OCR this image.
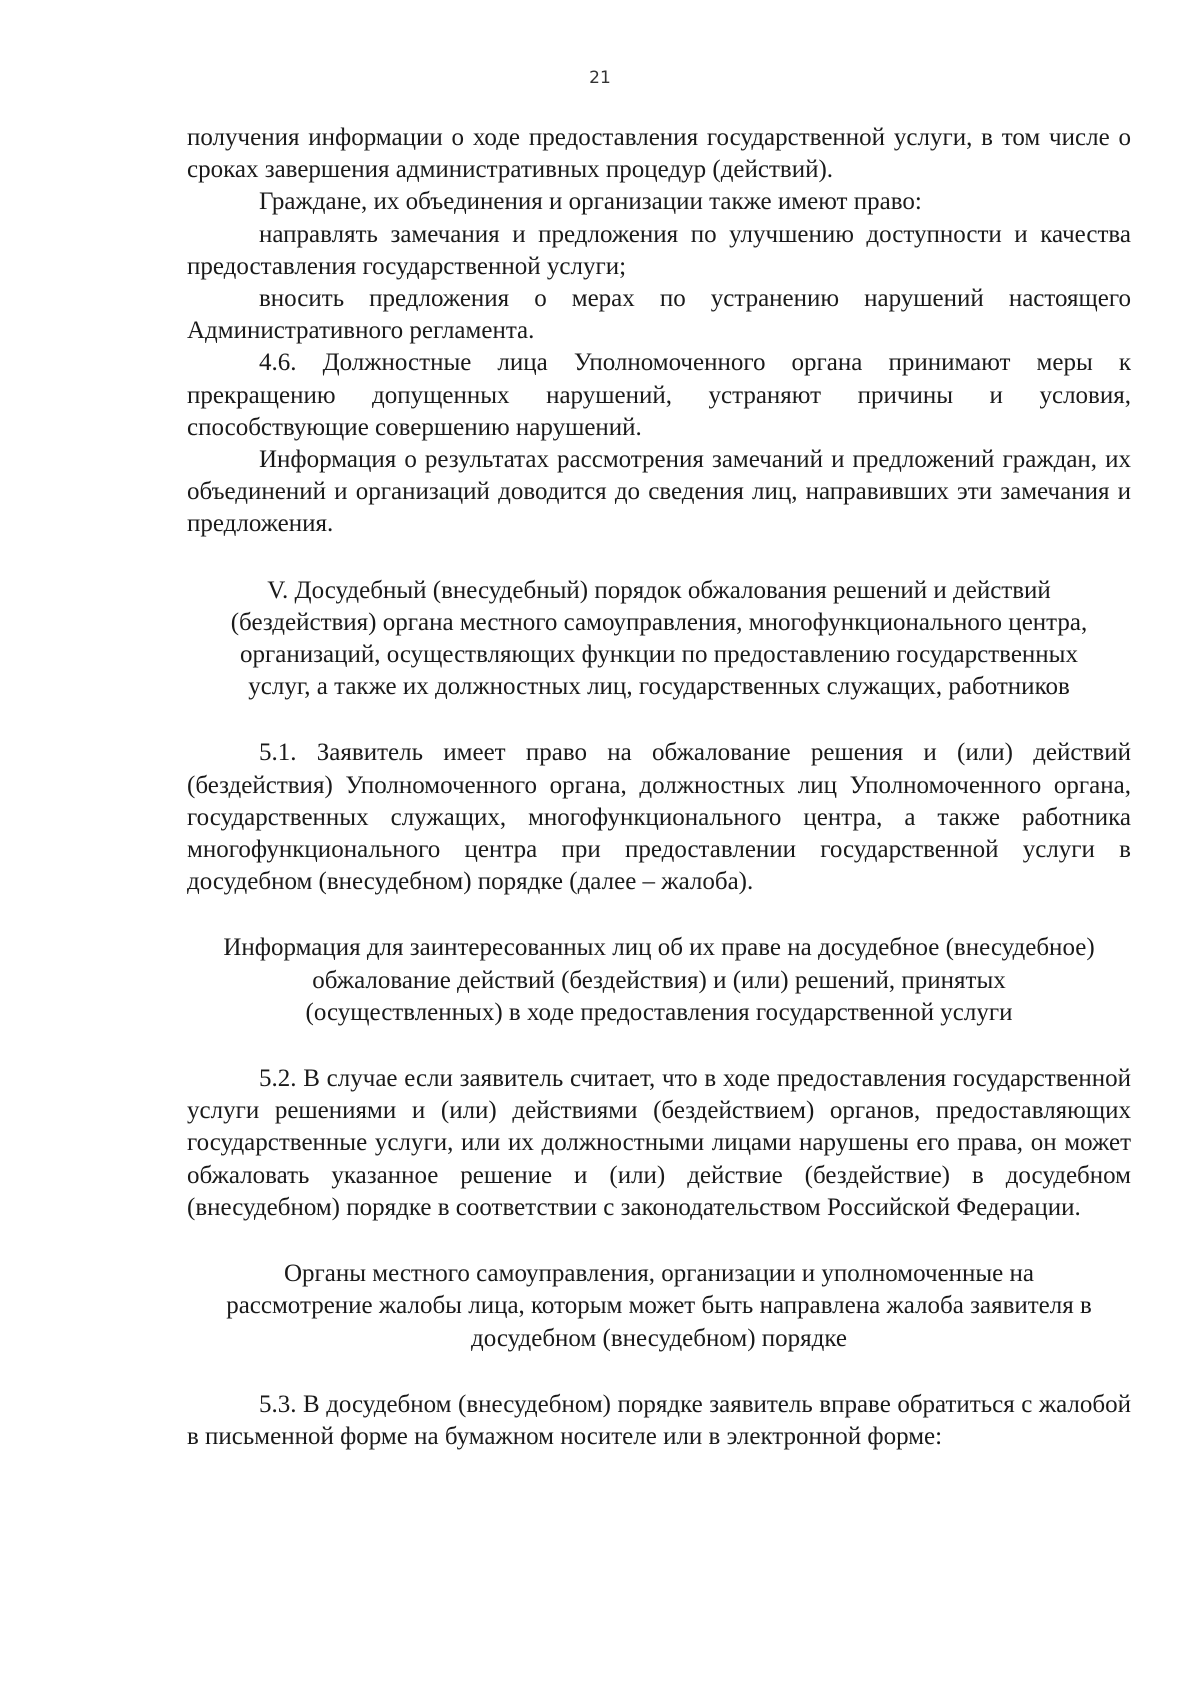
21

получения информации о ходе предоставления государственной услуги, в том числе о сроках завершения административных процедур (действий).

Граждане, их объединения и организации также имеют право:

направлять замечания и предложения по улучшению доступности и качества предоставления государственной услуги;

вносить предложения о мерах по устранению нарушений настоящего Административного регламента.

4.6. Должностные лица Уполномоченного органа принимают меры к прекращению допущенных нарушений, устраняют причины и условия, способствующие совершению нарушений.

Информация о результатах рассмотрения замечаний и предложений граждан, их объединений и организаций доводится до сведения лиц, направивших эти замечания и предложения.

V. Досудебный (внесудебный) порядок обжалования решений и действий (бездействия) органа местного самоуправления, многофункционального центра, организаций, осуществляющих функции по предоставлению государственных услуг, а также их должностных лиц, государственных служащих, работников

5.1. Заявитель имеет право на обжалование решения и (или) действий (бездействия) Уполномоченного органа, должностных лиц Уполномоченного органа, государственных служащих, многофункционального центра, а также работника многофункционального центра при предоставлении государственной услуги в досудебном (внесудебном) порядке (далее – жалоба).

Информация для заинтересованных лиц об их праве на досудебное (внесудебное) обжалование действий (бездействия) и (или) решений, принятых (осуществленных) в ходе предоставления государственной услуги

5.2. В случае если заявитель считает, что в ходе предоставления государственной услуги решениями и (или) действиями (бездействием) органов, предоставляющих государственные услуги, или их должностными лицами нарушены его права, он может обжаловать указанное решение и (или) действие (бездействие) в досудебном (внесудебном) порядке в соответствии с законодательством Российской Федерации.

Органы местного самоуправления, организации и уполномоченные на рассмотрение жалобы лица, которым может быть направлена жалоба заявителя в досудебном (внесудебном) порядке

5.3. В досудебном (внесудебном) порядке заявитель вправе обратиться с жалобой в письменной форме на бумажном носителе или в электронной форме:
